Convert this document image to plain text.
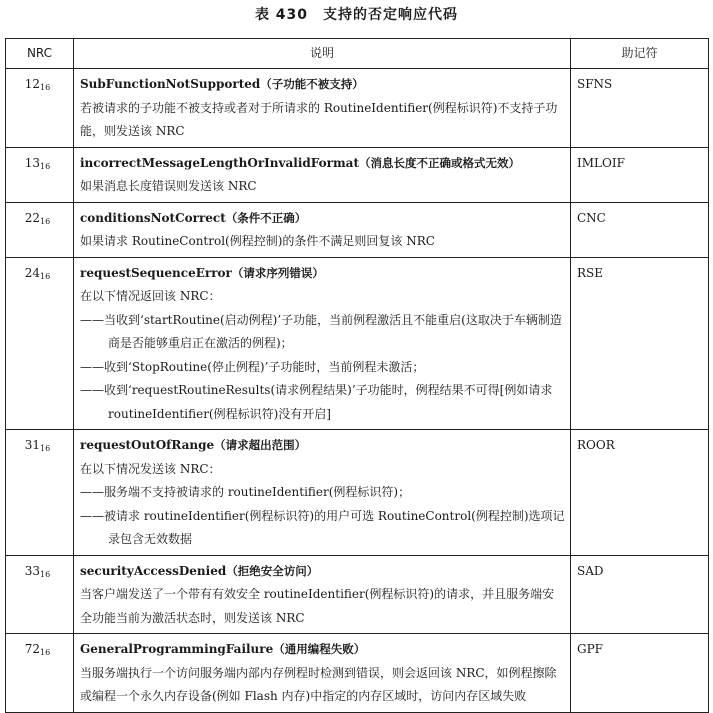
表 430　支持的否定响应代码
NRC	说明	助记符
$12_{16}$	SubFunctionNotSupported（子功能不被支持）
若被请求的子功能不被支持或者对于所请求的 RoutineIdentifier(例程标识符)不支持子功能，则发送该 NRC	SFNS
$13_{16}$	incorrectMessageLengthOrInvalidFormat（消息长度不正确或格式无效）
如果消息长度错误则发送该 NRC	IMLOIF
$22_{16}$	conditionsNotCorrect（条件不正确）
如果请求 RoutineControl(例程控制)的条件不满足则回复该 NRC	CNC
$24_{16}$	requestSequenceError（请求序列错误）
在以下情况返回该 NRC：
——当收到‘startRoutine(启动例程)’子功能，当前例程激活且不能重启(这取决于车辆制造商是否能够重启正在激活的例程)；
——收到‘StopRoutine(停止例程)’子功能时，当前例程未激活；
——收到‘requestRoutineResults(请求例程结果)’子功能时，例程结果不可得[例如请求 routineIdentifier(例程标识符)没有开启]	RSE
$31_{16}$	requestOutOfRange（请求超出范围）
在以下情况发送该 NRC：
——服务端不支持被请求的 routineIdentifier(例程标识符)；
——被请求 routineIdentifier(例程标识符)的用户可选 RoutineControl(例程控制)选项记录包含无效数据	ROOR
$33_{16}$	securityAccessDenied（拒绝安全访问）
当客户端发送了一个带有有效安全 routineIdentifier(例程标识符)的请求，并且服务端安全功能当前为激活状态时，则发送该 NRC	SAD
$72_{16}$	GeneralProgrammingFailure（通用编程失败）
当服务端执行一个访问服务端内部内存例程时检测到错误，则会返回该 NRC，如例程擦除或编程一个永久内存设备(例如 Flash 内存)中指定的内存区域时，访问内存区域失败	GPF
